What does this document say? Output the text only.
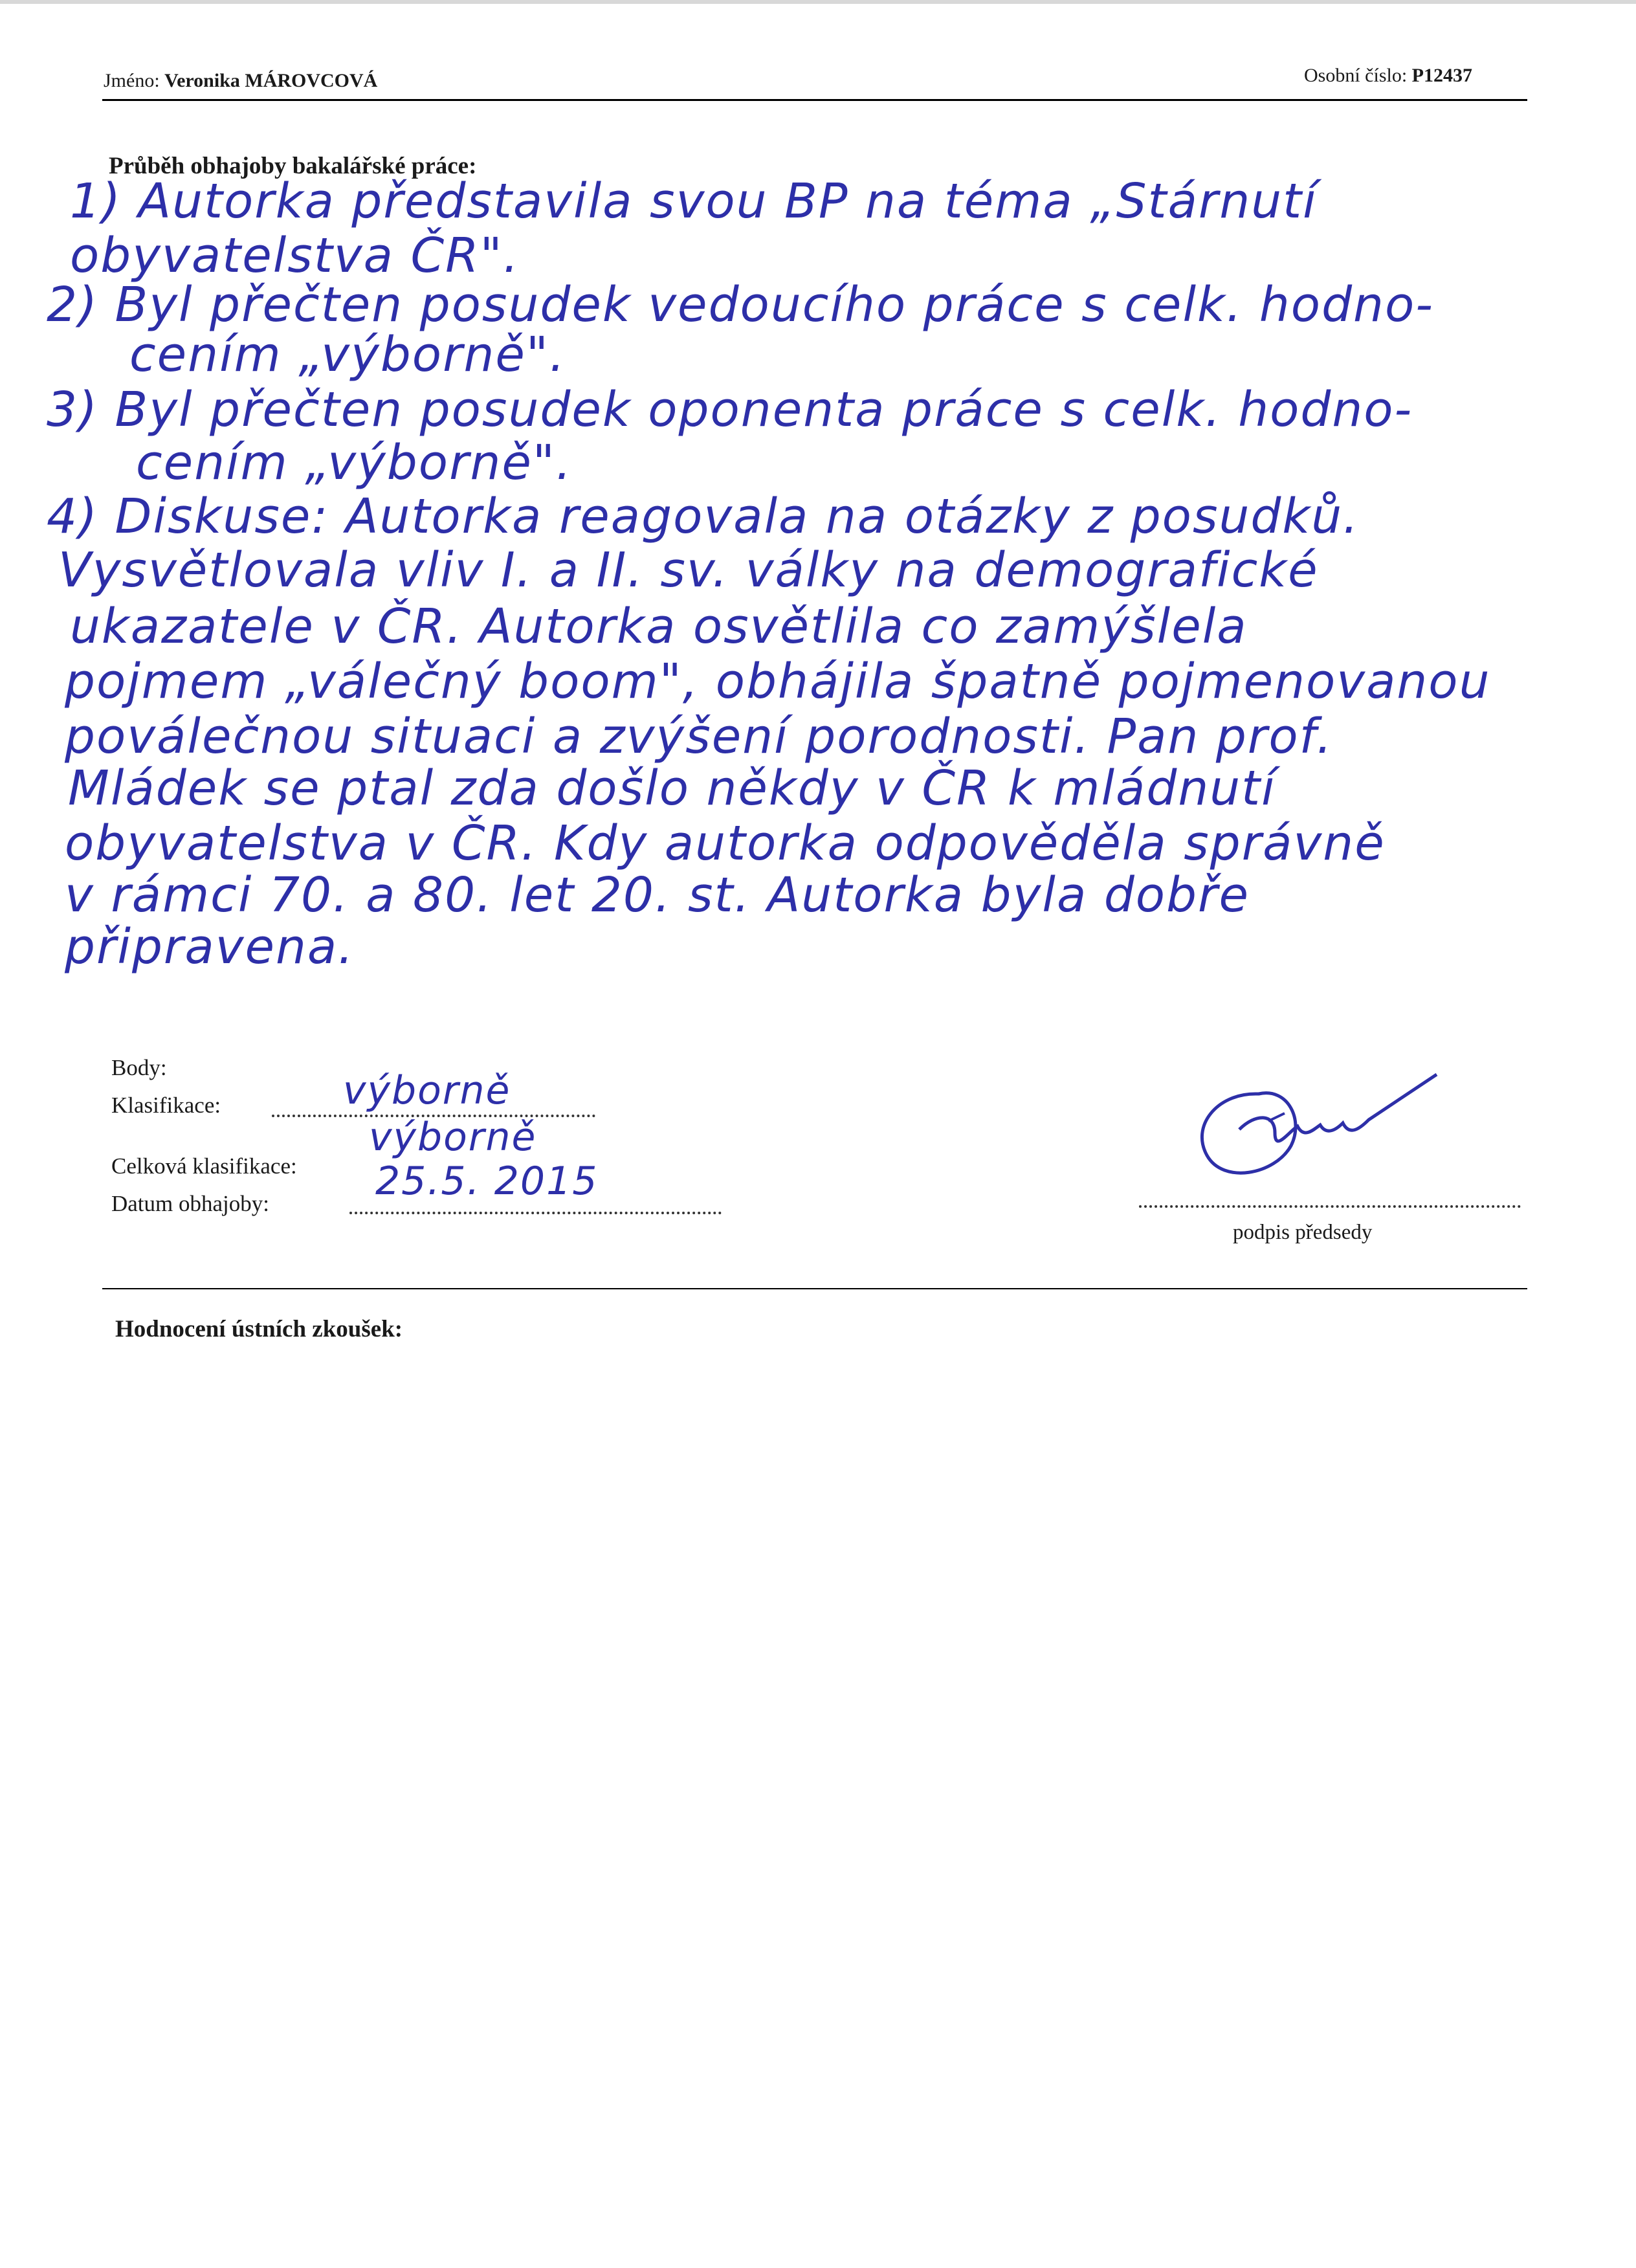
Jméno: Veronika MÁROVCOVÁ	Osobní číslo: P12437
Průběh obhajoby bakalářské práce:
1) Autorka představila svou BP na téma „Stárnutí
obyvatelstva ČR".
2) Byl přečten posudek vedoucího práce s celk. hodno-
cením „výborně".
3) Byl přečten posudek oponenta práce s celk. hodno-
cením „výborně".
4) Diskuse: Autorka reagovala na otázky z posudků.
Vysvětlovala vliv I. a II. sv. války na demografické
ukazatele v ČR. Autorka osvětlila co zamýšlela
pojmem „válečný boom", obhájila špatně pojmenovanou
poválečnou situaci a zvýšení porodnosti. Pan prof.
Mládek se ptal zda došlo někdy v ČR k mládnutí
obyvatelstva v ČR. Kdy autorka odpověděla správně
v rámci 70. a 80. let 20. st. Autorka byla dobře
připravena.
Body:
Klasifikace:	výborně
Celková klasifikace:
výborně
Datum obhajoby:	25.5. 2015
podpis předsedy
Hodnocení ústních zkoušek:
